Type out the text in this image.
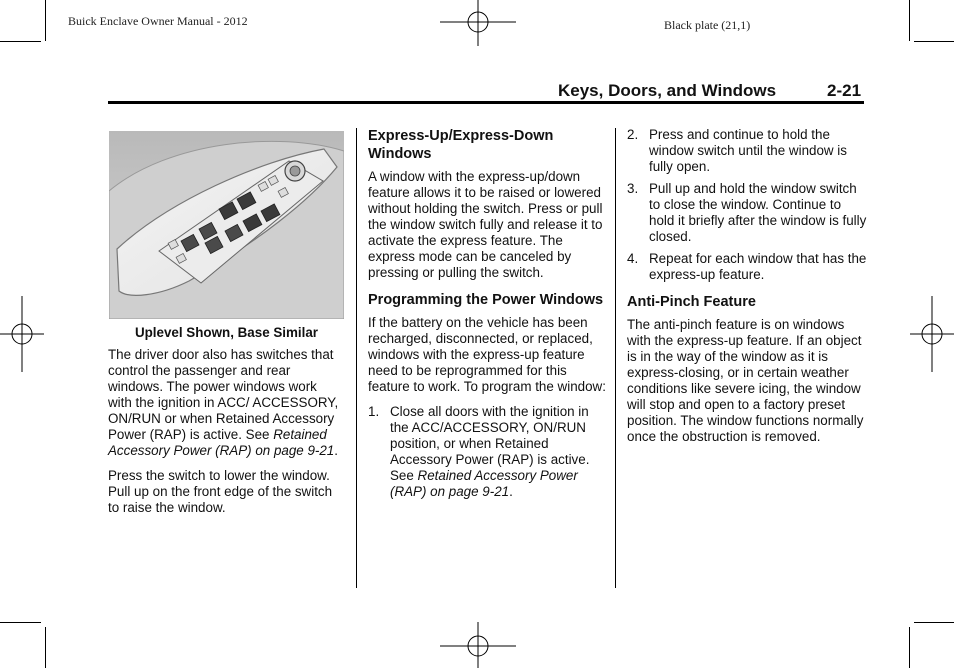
Buick Enclave Owner Manual - 2012	Black plate (21,1)
Keys, Doors, and Windows	2-21
Uplevel Shown, Base Similar

The driver door also has switches that control the passenger and rear windows. The power windows work with the ignition in ACC/ ACCESSORY, ON/RUN or when Retained Accessory Power (RAP) is active. See Retained Accessory Power (RAP) on page 9-21.

Press the switch to lower the window. Pull up on the front edge of the switch to raise the window.

Express-Up/Express-Down Windows

A window with the express-up/down feature allows it to be raised or lowered without holding the switch. Press or pull the window switch fully and release it to activate the express feature. The express mode can be canceled by pressing or pulling the switch.

Programming the Power Windows

If the battery on the vehicle has been recharged, disconnected, or replaced, windows with the express-up feature need to be reprogrammed for this feature to work. To program the window:

1. Close all doors with the ignition in the ACC/ACCESSORY, ON/RUN position, or when Retained Accessory Power (RAP) is active. See Retained Accessory Power (RAP) on page 9-21.
2. Press and continue to hold the window switch until the window is fully open.
3. Pull up and hold the window switch to close the window. Continue to hold it briefly after the window is fully closed.
4. Repeat for each window that has the express-up feature.
Anti-Pinch Feature

The anti-pinch feature is on windows with the express-up feature. If an object is in the way of the window as it is express-closing, or in certain weather conditions like severe icing, the window will stop and open to a factory preset position. The window functions normally once the obstruction is removed.
